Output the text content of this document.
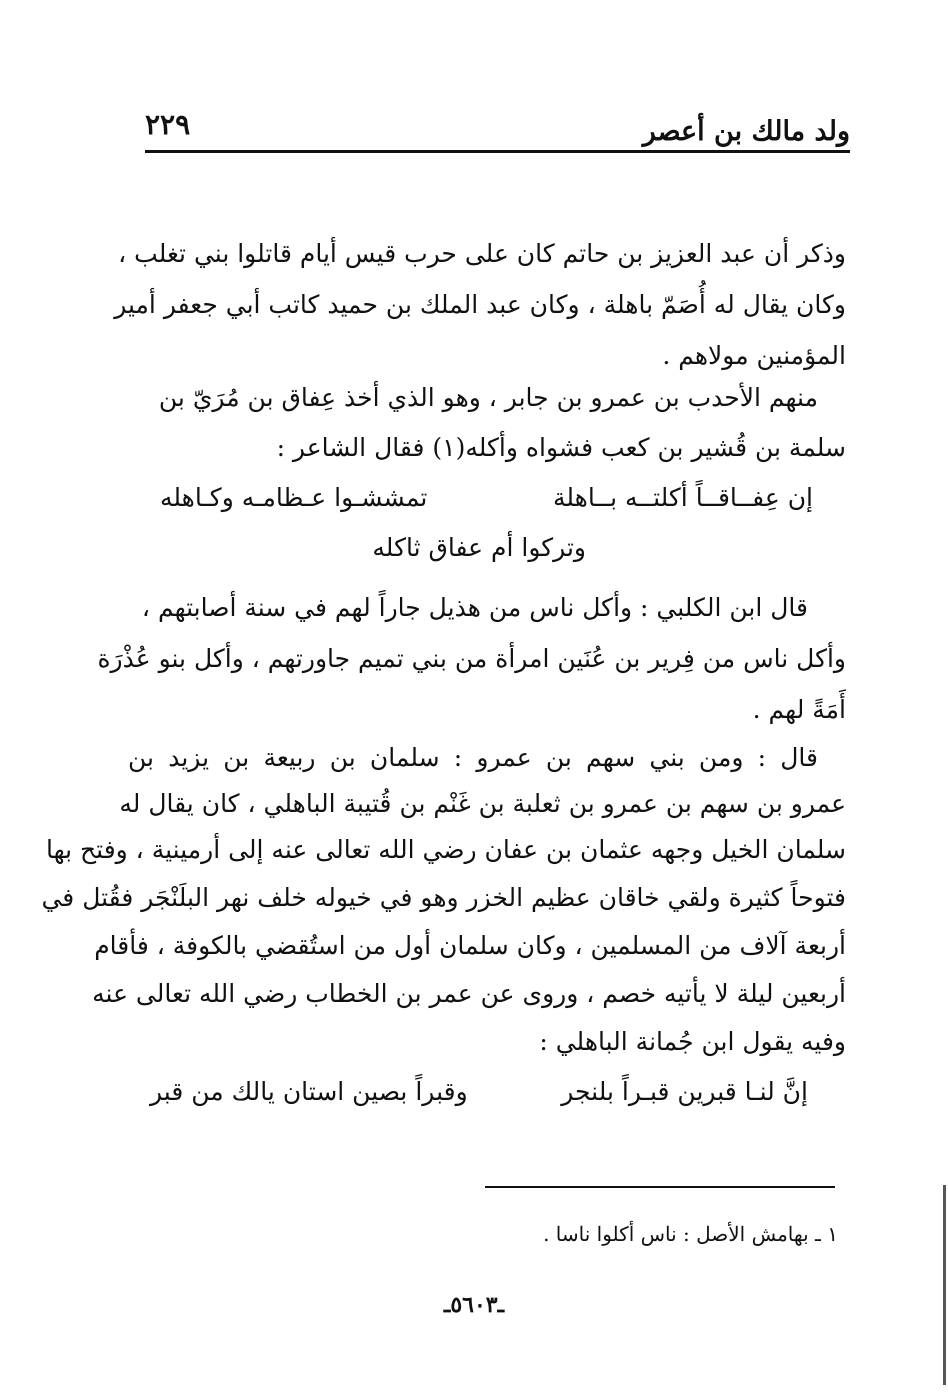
ولد مالك بن أعصر
٢٢٩
وذكر أن عبد العزيز بن حاتم كان على حرب قيس أيام قاتلوا بني تغلب ،
وكان يقال له أُصَمّ باهلة ، وكان عبد الملك بن حميد كاتب أبي جعفر أمير
المؤمنين مولاهم .
منهم الأحدب بن عمرو بن جابر ، وهو الذي أخذ عِفاق بن مُرَيّ بن
سلمة بن قُشير بن كعب فشواه وأكله(١) فقال الشاعر :
إن عِفــاقــاً أكلتــه بــاهلة
تمششـوا عـظامـه وكـاهله
وتركوا أم عفاق ثاكله
قال ابن الكلبي : وأكل ناس من هذيل جاراً لهم في سنة أصابتهم ،
وأكل ناس من فِرير بن عُنَين امرأة من بني تميم جاورتهم ، وأكل بنو عُذْرَة
أَمَةً لهم .
قال : ومن بني سهم بن عمرو : سلمان بن ربيعة بن يزيد بن
عمرو بن سهم بن عمرو بن ثعلبة بن غَنْم بن قُتيبة الباهلي ، كان يقال له
سلمان الخيل وجهه عثمان بن عفان رضي الله تعالى عنه إلى أرمينية ، وفتح بها
فتوحاً كثيرة ولقي خاقان عظيم الخزر وهو في خيوله خلف نهر البلَنْجَر فقُتل في
أربعة آلاف من المسلمين ، وكان سلمان أول من استُقضي بالكوفة ، فأقام
أربعين ليلة لا يأتيه خصم ، وروى عن عمر بن الخطاب رضي الله تعالى عنه
وفيه يقول ابن جُمانة الباهلي :
إنَّ لنـا قبرين قبـراً بلنجر
وقبراً بصين استان يالك من قبر
١ ـ بهامش الأصل : ناس أكلوا ناسا .
ـ٥٦٠٣ـ
